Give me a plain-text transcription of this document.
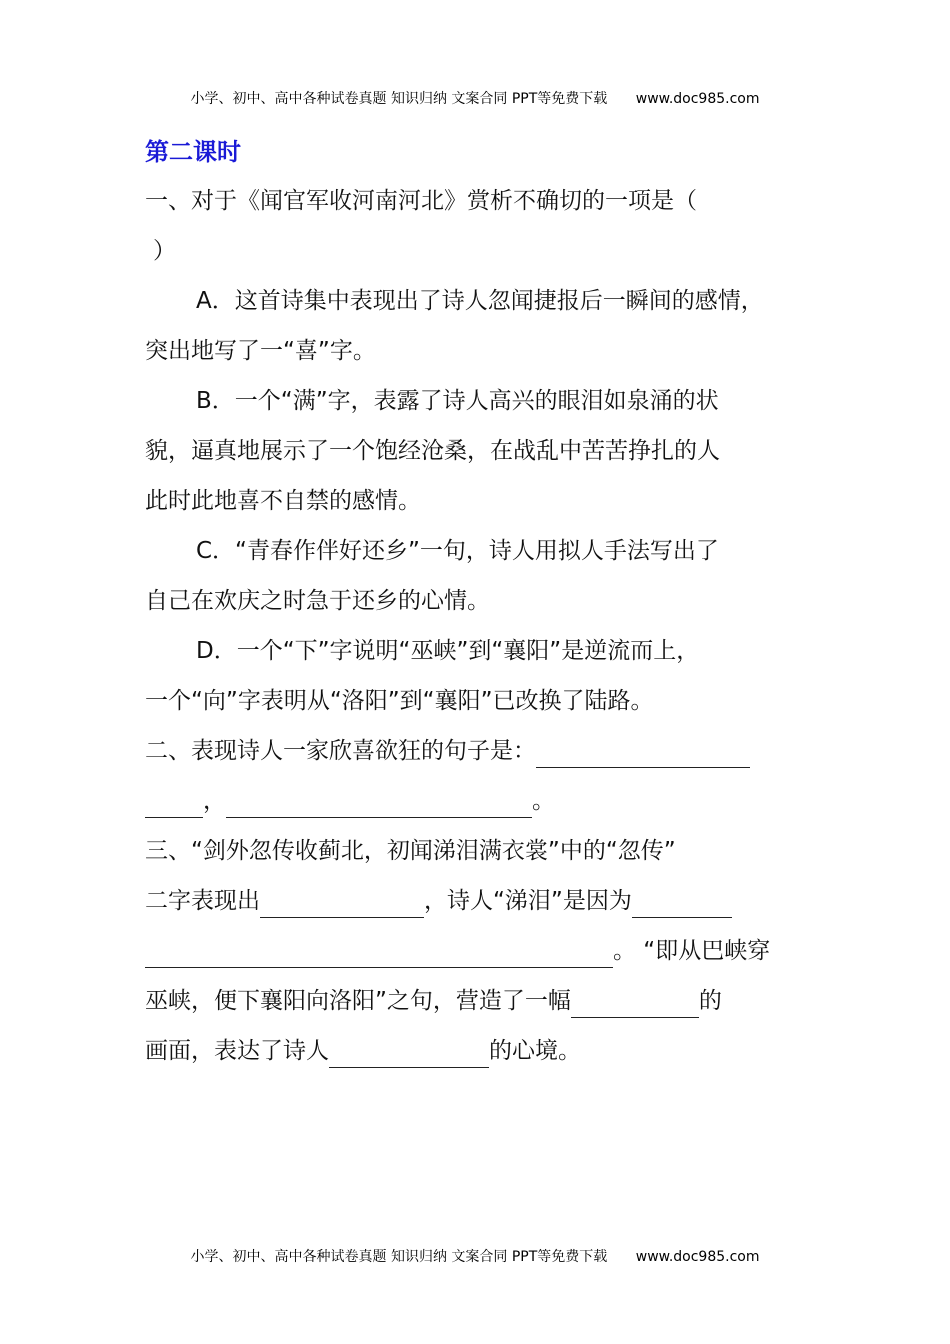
小学、初中、高中各种试卷真题 知识归纳 文案合同 PPT等免费下载 www.doc985.com
第二课时
一、对于《闻官军收河南河北》赏析不确切的一项是（
）
A．这首诗集中表现出了诗人忽闻捷报后一瞬间的感情，
突出地写了一“喜”字。
B．一个“满”字，表露了诗人高兴的眼泪如泉涌的状
貌，逼真地展示了一个饱经沧桑，在战乱中苦苦挣扎的人
此时此地喜不自禁的感情。
C．“青春作伴好还乡”一句，诗人用拟人手法写出了
自己在欢庆之时急于还乡的心情。
D．一个“下”字说明“巫峡”到“襄阳”是逆流而上，
一个“向”字表明从“洛阳”到“襄阳”已改换了陆路。
二、表现诗人一家欣喜欲狂的句子是：
，	。
三、“剑外忽传收蓟北，初闻涕泪满衣裳”中的“忽传”
二字表现出	，诗人“涕泪”是因为
。 “即从巴峡穿
巫峡，便下襄阳向洛阳”之句，营造了一幅	的
画面，表达了诗人	的心境。
小学、初中、高中各种试卷真题 知识归纳 文案合同 PPT等免费下载 www.doc985.com
